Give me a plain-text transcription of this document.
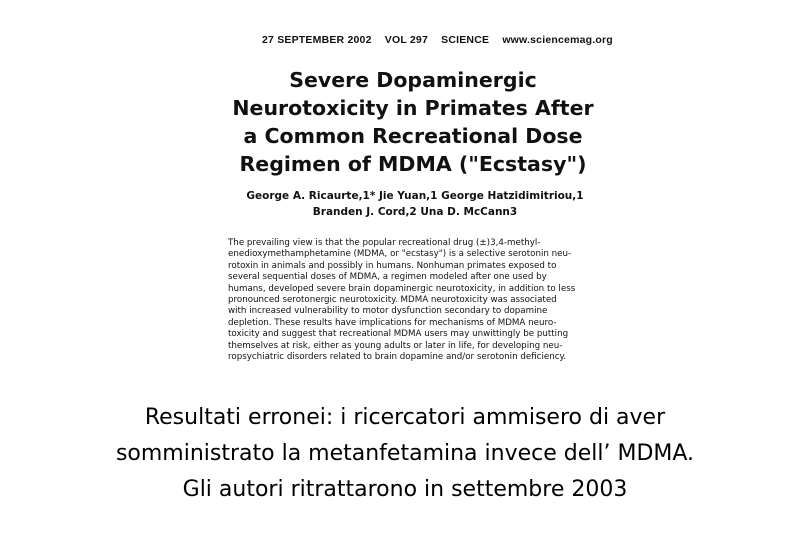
27 SEPTEMBER 2002 VOL 297 SCIENCE www.sciencemag.org
Severe Dopaminergic
Neurotoxicity in Primates After
a Common Recreational Dose
Regimen of MDMA ("Ecstasy")
George A. Ricaurte,1* Jie Yuan,1 George Hatzidimitriou,1
Branden J. Cord,2 Una D. McCann3
The prevailing view is that the popular recreational drug (±)3,4-methyl-
enedioxymethamphetamine (MDMA, or "ecstasy") is a selective serotonin neu-
rotoxin in animals and possibly in humans. Nonhuman primates exposed to
several sequential doses of MDMA, a regimen modeled after one used by
humans, developed severe brain dopaminergic neurotoxicity, in addition to less
pronounced serotonergic neurotoxicity. MDMA neurotoxicity was associated
with increased vulnerability to motor dysfunction secondary to dopamine
depletion. These results have implications for mechanisms of MDMA neuro-
toxicity and suggest that recreational MDMA users may unwittingly be putting
themselves at risk, either as young adults or later in life, for developing neu-
ropsychiatric disorders related to brain dopamine and/or serotonin deficiency.
Resultati erronei: i ricercatori ammisero di aver
somministrato la metanfetamina invece dell’ MDMA.
Gli autori ritrattarono in settembre 2003
